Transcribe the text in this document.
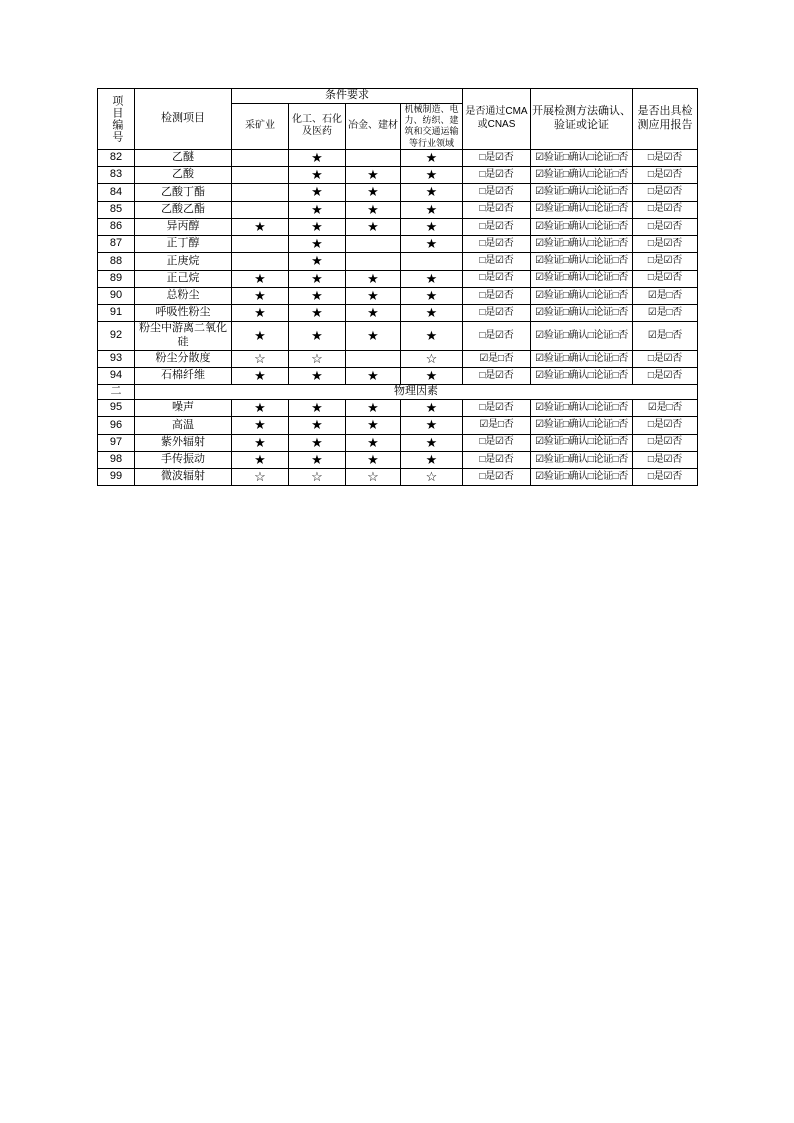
项目编号	检测项目	条件要求				是否通过CMA或CNAS	开展检测方法确认、验证或论证	是否出具检测应用报告
		采矿业	化工、石化及医药	冶金、建材	机械制造、电力、纺织、建筑和交通运输等行业领域			
82	乙醚		★		★	□是☑否	☑验证□确认□论证□否	□是☑否
83	乙酸		★	★	★	□是☑否	☑验证□确认□论证□否	□是☑否
84	乙酸丁酯		★	★	★	□是☑否	☑验证□确认□论证□否	□是☑否
85	乙酸乙酯		★	★	★	□是☑否	☑验证□确认□论证□否	□是☑否
86	异丙醇	★	★	★	★	□是☑否	☑验证□确认□论证□否	□是☑否
87	正丁醇		★		★	□是☑否	☑验证□确认□论证□否	□是☑否
88	正庚烷		★			□是☑否	☑验证□确认□论证□否	□是☑否
89	正己烷	★	★	★	★	□是☑否	☑验证□确认□论证□否	□是☑否
90	总粉尘	★	★	★	★	□是☑否	☑验证□确认□论证□否	☑是□否
91	呼吸性粉尘	★	★	★	★	□是☑否	☑验证□确认□论证□否	☑是□否
92	粉尘中游离二氧化硅	★	★	★	★	□是☑否	☑验证□确认□论证□否	☑是□否
93	粉尘分散度	☆	☆		☆	☑是□否	☑验证□确认□论证□否	□是☑否
94	石棉纤维	★	★	★	★	□是☑否	☑验证□确认□论证□否	□是☑否
二	物理因素							
95	噪声	★	★	★	★	□是☑否	☑验证□确认□论证□否	☑是□否
96	高温	★	★	★	★	☑是□否	☑验证□确认□论证□否	□是☑否
97	紫外辐射	★	★	★	★	□是☑否	☑验证□确认□论证□否	□是☑否
98	手传振动	★	★	★	★	□是☑否	☑验证□确认□论证□否	□是☑否
99	微波辐射	☆	☆	☆	☆	□是☑否	☑验证□确认□论证□否	□是☑否
